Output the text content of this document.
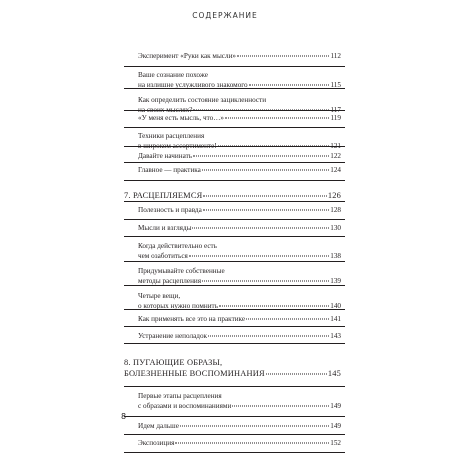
СОДЕРЖАНИЕ
Эксперимент «Руки как мысли»	112
Ваше сознание похоже
на излишне услужливого знакомого	115
Как определить состояние зацикленности
на своих мыслях?	117
«У меня есть мысль, что…»	119
Техники расцепления
в широком ассортименте!	121
Давайте начинать	122
Главное — практика	124
7. РАСЦЕПЛЯЕМСЯ	126
Полезность и правда	128
Мысли и взгляды	130
Когда действительно есть
чем озаботиться	138
Придумывайте собственные
методы расцепления	139
Четыре вещи,
о которых нужно помнить	140
Как применять все это на практике	141
Устранение неполадок	143
8. ПУГАЮЩИЕ ОБРАЗЫ,
БОЛЕЗНЕННЫЕ ВОСПОМИНАНИЯ	145
Первые этапы расцепления
с образами и воспоминаниями	149
Идем дальше	149
Экспозиция	152
8
